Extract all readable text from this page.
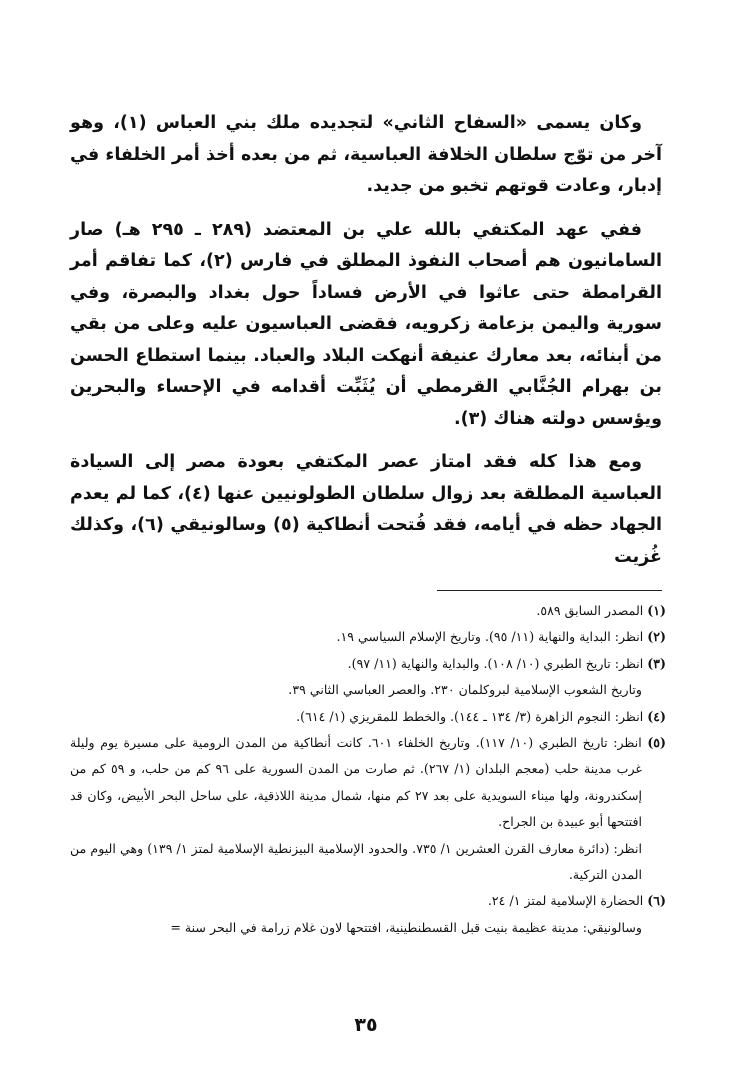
وكان يسمى «السفاح الثاني» لتجديده ملك بني العباس (١)، وهو آخر من توّج سلطان الخلافة العباسية، ثم من بعده أخذ أمر الخلفاء في إدبار، وعادت قوتهم تخبو من جديد.

ففي عهد المكتفي بالله علي بن المعتضد (٢٨٩ ـ ٢٩٥ هـ) صار السامانيون هم أصحاب النفوذ المطلق في فارس (٢)، كما تفاقم أمر القرامطة حتى عاثوا في الأرض فساداً حول بغداد والبصرة، وفي سورية واليمن بزعامة زكرويه، فقضى العباسيون عليه وعلى من بقي من أبنائه، بعد معارك عنيفة أنهكت البلاد والعباد. بينما استطاع الحسن بن بهرام الجُنَّابي القرمطي أن يُثَبِّت أقدامه في الإحساء والبحرين ويؤسس دولته هناك (٣).

ومع هذا كله فقد امتاز عصر المكتفي بعودة مصر إلى السيادة العباسية المطلقة بعد زوال سلطان الطولونيين عنها (٤)، كما لم يعدم الجهاد حظه في أيامه، فقد فُتحت أنطاكية (٥) وسالونيقي (٦)، وكذلك غُزيت

(١) المصدر السابق ٥٨٩.

(٢) انظر: البداية والنهاية (١١/ ٩٥). وتاريخ الإسلام السياسي ١٩.

(٣) انظر: تاريخ الطبري (١٠/ ١٠٨). والبداية والنهاية (١١/ ٩٧).

وتاريخ الشعوب الإسلامية لبروكلمان ٢٣٠. والعصر العباسي الثاني ٣٩.

(٤) انظر: النجوم الزاهرة (٣/ ١٣٤ ـ ١٤٤). والخطط للمقريزي (١/ ٦١٤).

(٥) انظر: تاريخ الطبري (١٠/ ١١٧). وتاريخ الخلفاء ٦٠١. كانت أنطاكية من المدن الرومية على مسيرة يوم وليلة غرب مدينة حلب (معجم البلدان (١/ ٢٦٧). ثم صارت من المدن السورية على ٩٦ كم من حلب، و ٥٩ كم من إسكندرونة، ولها ميناء السويدية على بعد ٢٧ كم منها، شمال مدينة اللاذقية، على ساحل البحر الأبيض، وكان قد افتتحها أبو عبيدة بن الجراح.

انظر: (دائرة معارف القرن العشرين ١/ ٧٣٥. والحدود الإسلامية البيزنطية الإسلامية لمتز ١/ ١٣٩) وهي اليوم من المدن التركية.

(٦) الحضارة الإسلامية لمتز ١/ ٢٤.

وسالونيقي: مدينة عظيمة بنيت قبل القسطنطينية، افتتحها لاون غلام زرامة في البحر سنة =

٣٥
